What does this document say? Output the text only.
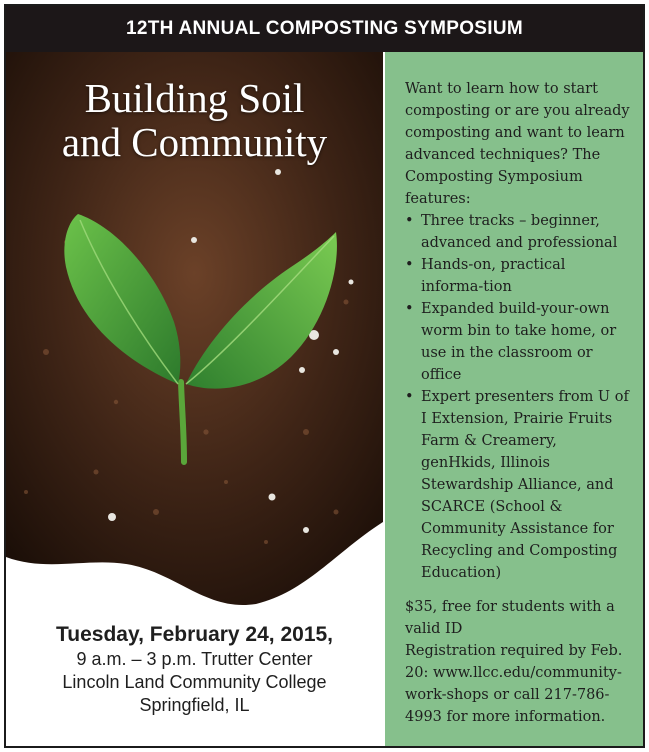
12TH ANNUAL COMPOSTING SYMPOSIUM
Building Soil
and Community
Tuesday, February 24, 2015,
9 a.m. – 3 p.m. Trutter Center
Lincoln Land Community College
Springfield, IL

Want to learn how to start composting or are you already composting and want to learn advanced techniques? The Composting Symposium features:

• Three tracks – beginner, advanced and professional
• Hands-on, practical informa-tion
• Expanded build-your-own worm bin to take home, or use in the classroom or office
• Expert presenters from U of I Extension, Prairie Fruits Farm & Creamery, genHkids, Illinois Stewardship Alliance, and SCARCE (School & Community Assistance for Recycling and Composting Education)

$35, free for students with a valid ID

Registration required by Feb. 20: www.llcc.edu/community-work-shops or call 217-786-4993 for more information.
